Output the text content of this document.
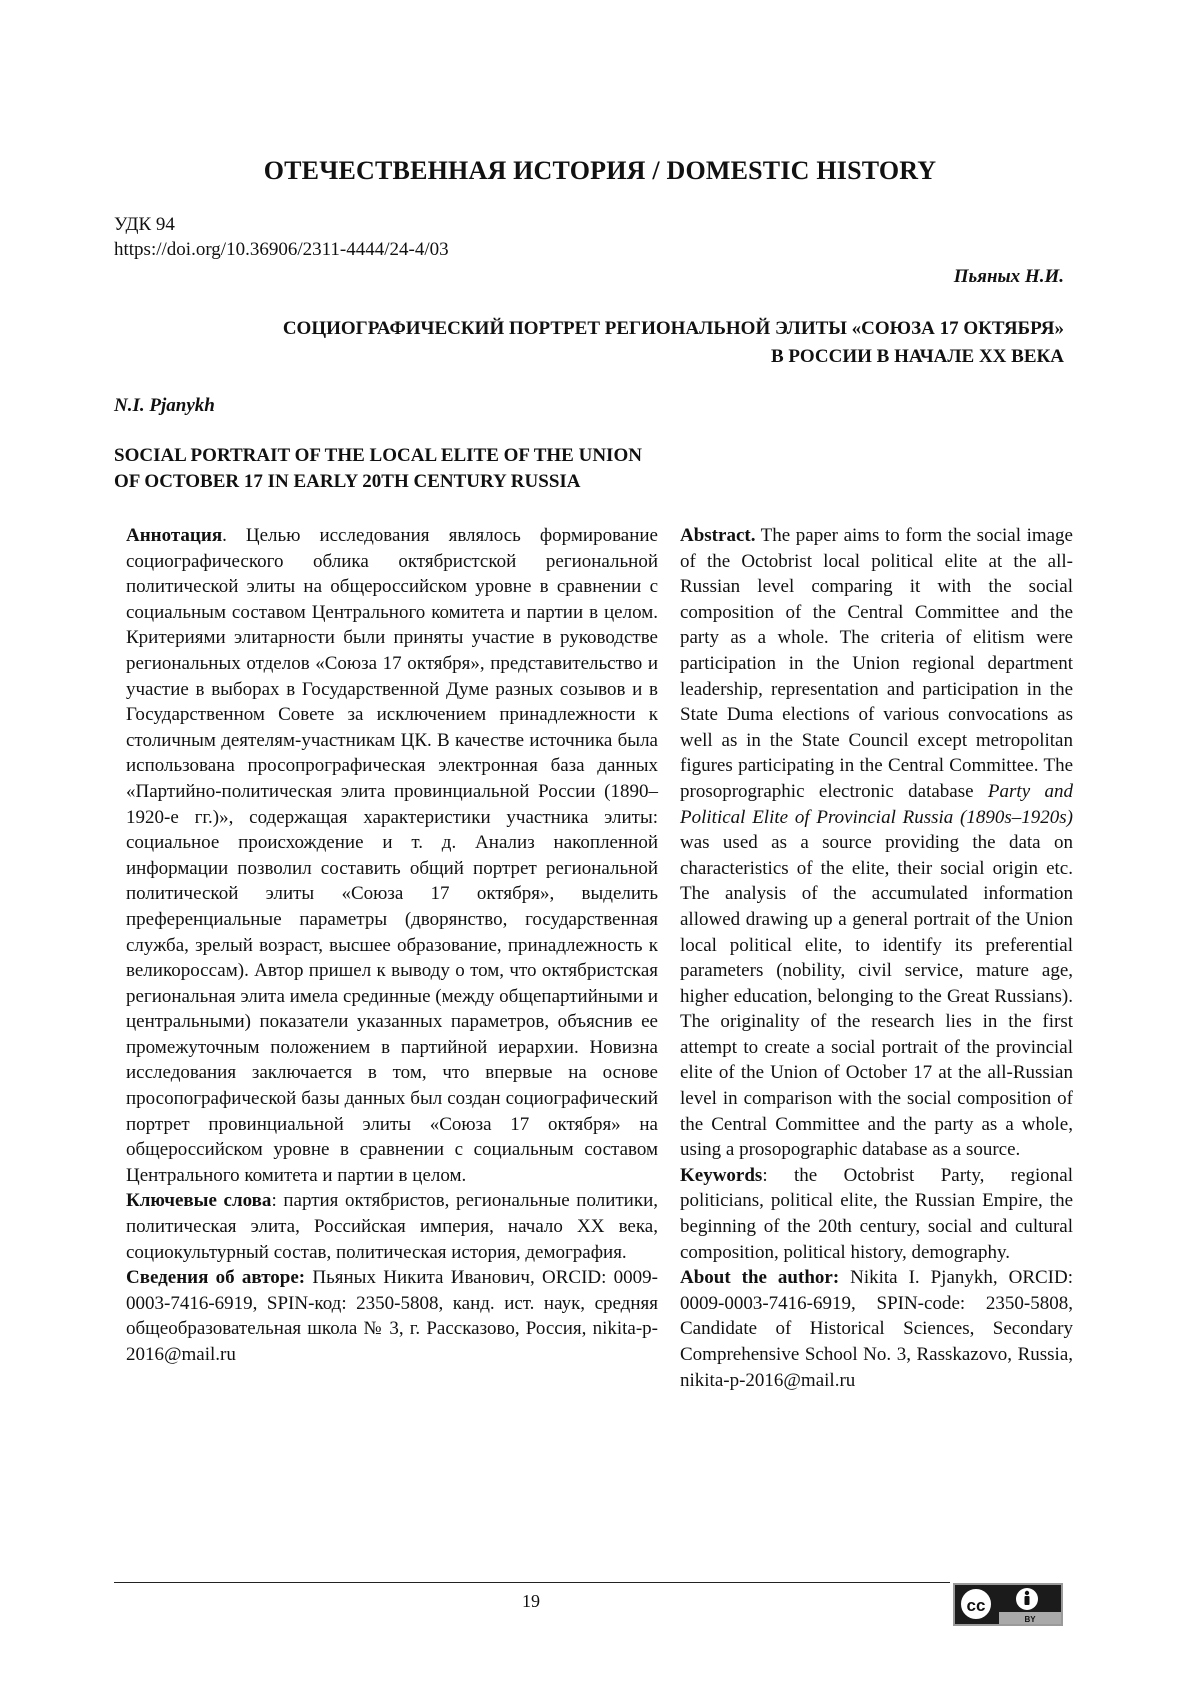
ОТЕЧЕСТВЕННАЯ ИСТОРИЯ / DOMESTIC HISTORY
УДК 94
https://doi.org/10.36906/2311-4444/24-4/03
Пьяных Н.И.
СОЦИОГРАФИЧЕСКИЙ ПОРТРЕТ РЕГИОНАЛЬНОЙ ЭЛИТЫ «СОЮЗА 17 ОКТЯБРЯ»
В РОССИИ В НАЧАЛЕ XX ВЕКА
N.I. Pjanykh
SOCIAL PORTRAIT OF THE LOCAL ELITE OF THE UNION
OF OCTOBER 17 IN EARLY 20TH CENTURY RUSSIA

Аннотация. Целью исследования являлось формирование социографического облика октябристской региональной политической элиты на общероссийском уровне в сравнении с социальным составом Центрального комитета и партии в целом. Критериями элитарности были приняты участие в руководстве региональных отделов «Союза 17 октября», представительство и участие в выборах в Государственной Думе разных созывов и в Государственном Совете за исключением принадлежности к столичным деятелям-участникам ЦК. В качестве источника была использована просопрографическая электронная база данных «Партийно-политическая элита провинциальной России (1890–1920-е гг.)», содержащая характеристики участника элиты: социальное происхождение и т. д. Анализ накопленной информации позволил составить общий портрет региональной политической элиты «Союза 17 октября», выделить преференциальные параметры (дворянство, государственная служба, зрелый возраст, высшее образование, принадлежность к великороссам). Автор пришел к выводу о том, что октябристская региональная элита имела срединные (между общепартийными и центральными) показатели указанных параметров, объяснив ее промежуточным положением в партийной иерархии. Новизна исследования заключается в том, что впервые на основе просопографической базы данных был создан социографический портрет провинциальной элиты «Союза 17 октября» на общероссийском уровне в сравнении с социальным составом Центрального комитета и партии в целом.

Ключевые слова: партия октябристов, региональные политики, политическая элита, Российская империя, начало XX века, социокультурный состав, политическая история, демография.

Сведения об авторе: Пьяных Никита Иванович, ORCID: 0009-0003-7416-6919, SPIN-код: 2350-5808, канд. ист. наук, средняя общеобразовательная школа № 3, г. Рассказово, Россия, nikita-p-2016@mail.ru

Abstract. The paper aims to form the social image of the Octobrist local political elite at the all-Russian level comparing it with the social composition of the Central Committee and the party as a whole. The criteria of elitism were participation in the Union regional department leadership, representation and participation in the State Duma elections of various convocations as well as in the State Council except metropolitan figures participating in the Central Committee. The prosoprographic electronic database Party and Political Elite of Provincial Russia (1890s–1920s) was used as a source providing the data on characteristics of the elite, their social origin etc. The analysis of the accumulated information allowed drawing up a general portrait of the Union local political elite, to identify its preferential parameters (nobility, civil service, mature age, higher education, belonging to the Great Russians). The originality of the research lies in the first attempt to create a social portrait of the provincial elite of the Union of October 17 at the all-Russian level in comparison with the social composition of the Central Committee and the party as a whole, using a prosopographic database as a source.

Keywords: the Octobrist Party, regional politicians, political elite, the Russian Empire, the beginning of the 20th century, social and cultural composition, political history, demography.

About the author: Nikita I. Pjanykh, ORCID: 0009-0003-7416-6919, SPIN-code: 2350-5808, Candidate of Historical Sciences, Secondary Comprehensive School No. 3, Rasskazovo, Russia, nikita-p-2016@mail.ru

19	cc
BY
